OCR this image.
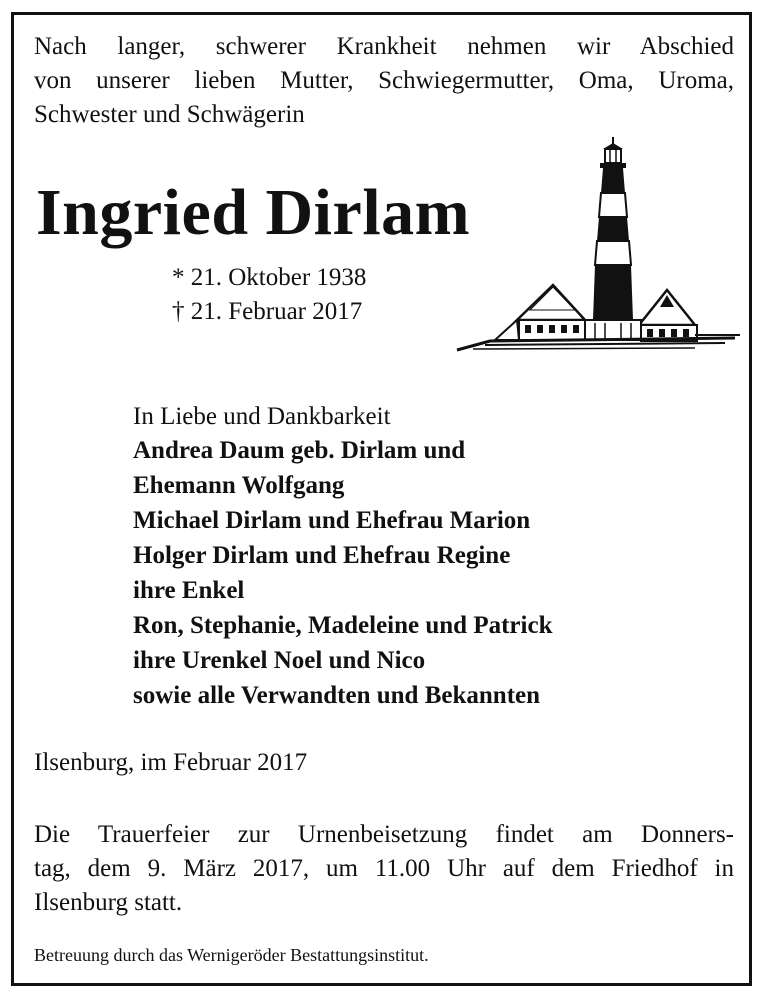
Nach langer, schwerer Krankheit nehmen wir Abschied
von unserer lieben Mutter, Schwiegermutter, Oma, Uroma,
Schwester und Schwägerin
Ingried Dirlam
* 21. Oktober 1938
† 21. Februar 2017
In Liebe und Dankbarkeit
Andrea Daum geb. Dirlam und
Ehemann Wolfgang
Michael Dirlam und Ehefrau Marion
Holger Dirlam und Ehefrau Regine
ihre Enkel
Ron, Stephanie, Madeleine und Patrick
ihre Urenkel Noel und Nico
sowie alle Verwandten und Bekannten
Ilsenburg, im Februar 2017
Die Trauerfeier zur Urnenbeisetzung findet am Donners-
tag, dem 9. März 2017, um 11.00 Uhr auf dem Friedhof in
Ilsenburg statt.
Betreuung durch das Wernigeröder Bestattungsinstitut.
